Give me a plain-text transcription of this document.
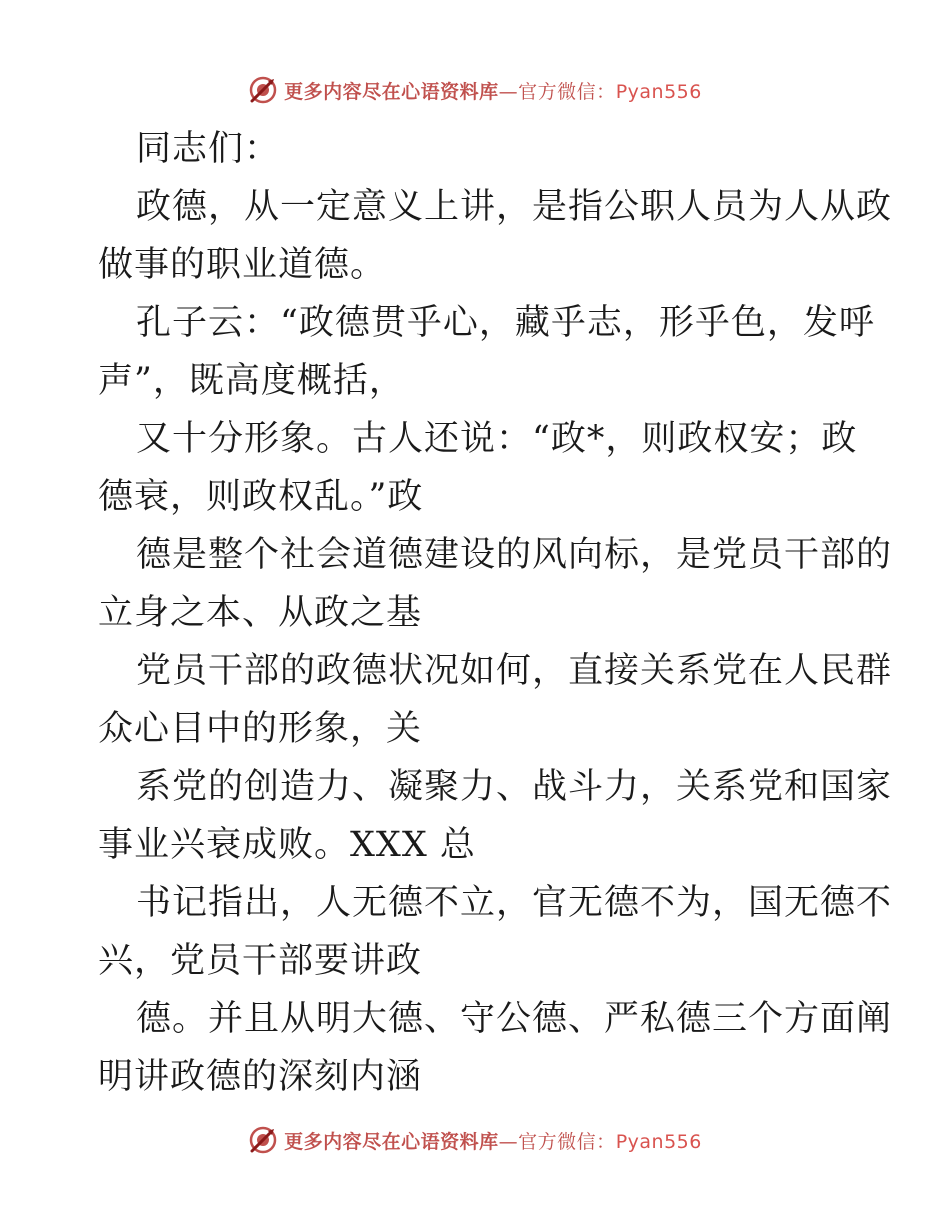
更多内容尽在心语资料库—官方微信：Pyan556
同志们：
政德，从一定意义上讲，是指公职人员为人从政
做事的职业道德。
孔子云：“政德贯乎心，藏乎志，形乎色，发呼
声”，既高度概括，
又十分形象。古人还说：“政*，则政权安；政
德衰，则政权乱。”政
德是整个社会道德建设的风向标，是党员干部的
立身之本、从政之基
党员干部的政德状况如何，直接关系党在人民群
众心目中的形象，关
系党的创造力、凝聚力、战斗力，关系党和国家
事业兴衰成败。XXX 总
书记指出，人无德不立，官无德不为，国无德不
兴，党员干部要讲政
德。并且从明大德、守公德、严私德三个方面阐
明讲政德的深刻内涵
更多内容尽在心语资料库—官方微信：Pyan556
